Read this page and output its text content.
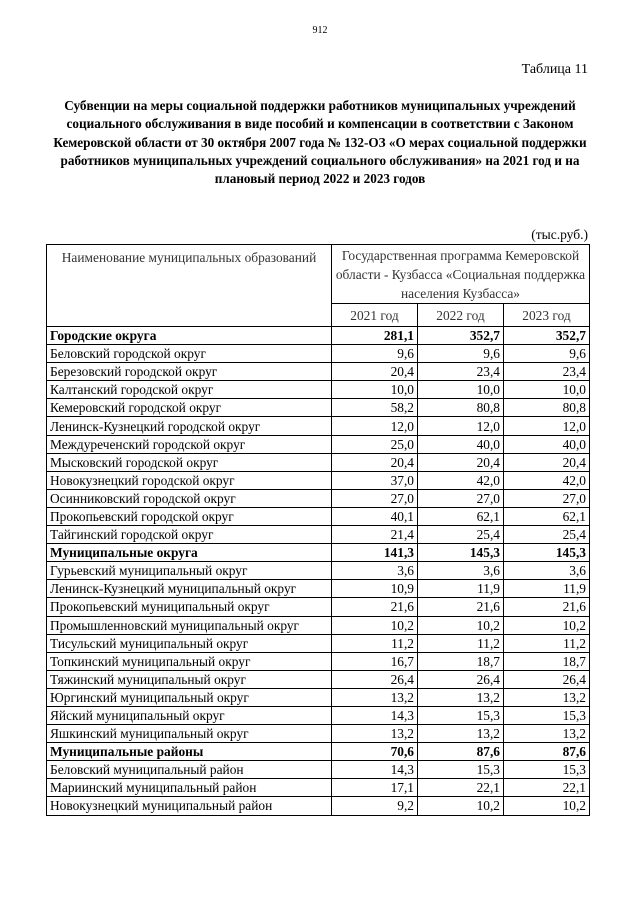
912
Таблица 11
Субвенции на меры социальной поддержки работников муниципальных учреждений социального обслуживания в виде пособий и компенсации в соответствии с Законом Кемеровской области от 30 октября 2007 года № 132-ОЗ «О мерах социальной поддержки работников муниципальных учреждений социального обслуживания» на 2021 год и на плановый период 2022 и 2023 годов
(тыс.руб.)
Наименование муниципальных образований	Государственная программа Кемеровской области - Кузбасса «Социальная поддержка населения Кузбасса»		
	2021 год	2022 год	2023 год
Городские округа	281,1	352,7	352,7
Беловский городской округ	9,6	9,6	9,6
Березовский городской округ	20,4	23,4	23,4
Калтанский городской округ	10,0	10,0	10,0
Кемеровский городской округ	58,2	80,8	80,8
Ленинск-Кузнецкий городской округ	12,0	12,0	12,0
Междуреченский городской округ	25,0	40,0	40,0
Мысковский городской округ	20,4	20,4	20,4
Новокузнецкий городской округ	37,0	42,0	42,0
Осинниковский городской округ	27,0	27,0	27,0
Прокопьевский городской округ	40,1	62,1	62,1
Тайгинский городской округ	21,4	25,4	25,4
Муниципальные округа	141,3	145,3	145,3
Гурьевский муниципальный округ	3,6	3,6	3,6
Ленинск-Кузнецкий муниципальный округ	10,9	11,9	11,9
Прокопьевский муниципальный округ	21,6	21,6	21,6
Промышленновский муниципальный округ	10,2	10,2	10,2
Тисульский муниципальный округ	11,2	11,2	11,2
Топкинский муниципальный округ	16,7	18,7	18,7
Тяжинский муниципальный округ	26,4	26,4	26,4
Юргинский муниципальный округ	13,2	13,2	13,2
Яйский муниципальный округ	14,3	15,3	15,3
Яшкинский муниципальный округ	13,2	13,2	13,2
Муниципальные районы	70,6	87,6	87,6
Беловский муниципальный район	14,3	15,3	15,3
Мариинский муниципальный район	17,1	22,1	22,1
Новокузнецкий муниципальный район	9,2	10,2	10,2
